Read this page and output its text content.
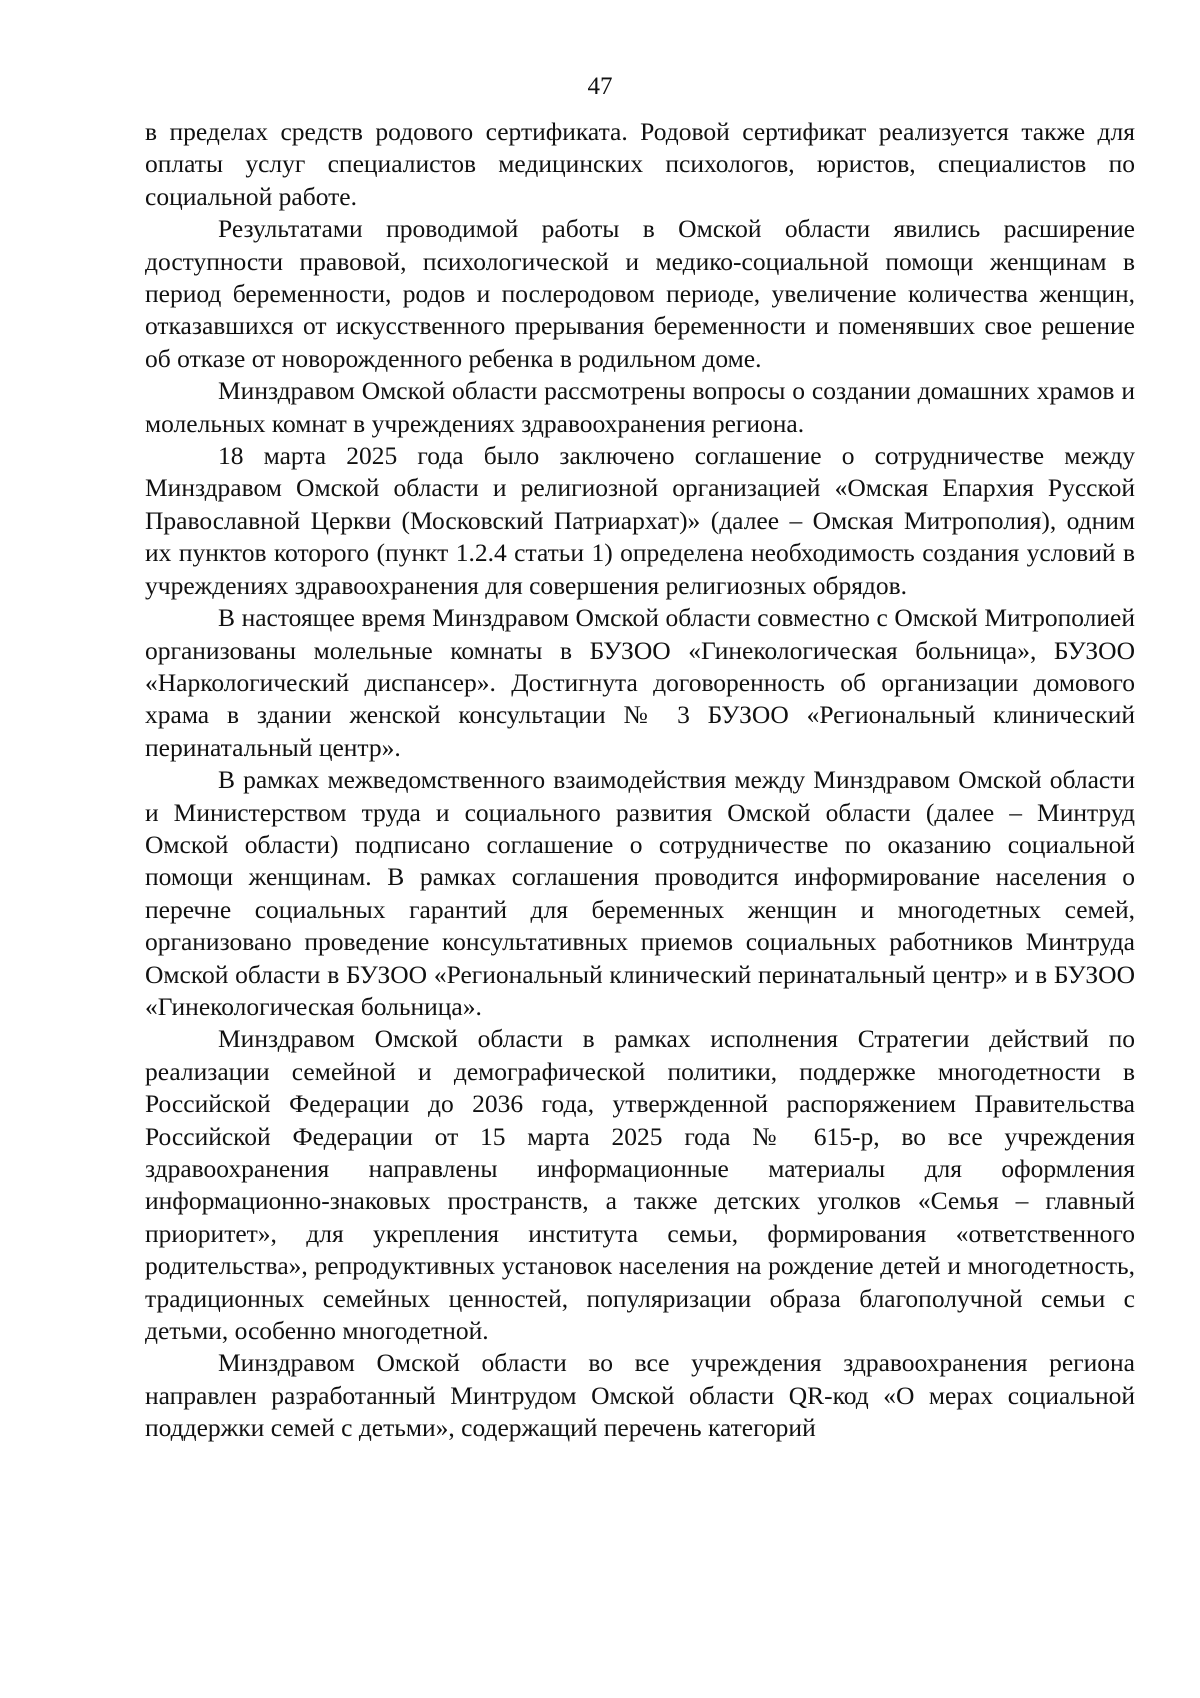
47

в пределах средств родового сертификата. Родовой сертификат реализуется также для оплаты услуг специалистов медицинских психологов, юристов, специалистов по социальной работе.

Результатами проводимой работы в Омской области явились расширение доступности правовой, психологической и медико-социальной помощи женщинам в период беременности, родов и послеродовом периоде, увеличение количества женщин, отказавшихся от искусственного прерывания беременности и поменявших свое решение об отказе от новорожденного ребенка в родильном доме.

Минздравом Омской области рассмотрены вопросы о создании домашних храмов и молельных комнат в учреждениях здравоохранения региона.

18 марта 2025 года было заключено соглашение о сотрудничестве между Минздравом Омской области и религиозной организацией «Омская Епархия Русской Православной Церкви (Московский Патриархат)» (далее – Омская Митрополия), одним их пунктов которого (пункт 1.2.4 статьи 1) определена необходимость создания условий в учреждениях здравоохранения для совершения религиозных обрядов.

В настоящее время Минздравом Омской области совместно с Омской Митрополией организованы молельные комнаты в БУЗОО «Гинекологическая больница», БУЗОО «Наркологический диспансер». Достигнута договоренность об организации домового храма в здании женской консультации № 3 БУЗОО «Региональный клинический перинатальный центр».

В рамках межведомственного взаимодействия между Минздравом Омской области и Министерством труда и социального развития Омской области (далее – Минтруд Омской области) подписано соглашение о сотрудничестве по оказанию социальной помощи женщинам. В рамках соглашения проводится информирование населения о перечне социальных гарантий для беременных женщин и многодетных семей, организовано проведение консультативных приемов социальных работников Минтруда Омской области в БУЗОО «Региональный клинический перинатальный центр» и в БУЗОО «Гинекологическая больница».

Минздравом Омской области в рамках исполнения Стратегии действий по реализации семейной и демографической политики, поддержке многодетности в Российской Федерации до 2036 года, утвержденной распоряжением Правительства Российской Федерации от 15 марта 2025 года № 615-р, во все учреждения здравоохранения направлены информационные материалы для оформления информационно-знаковых пространств, а также детских уголков «Семья – главный приоритет», для укрепления института семьи, формирования «ответственного родительства», репродуктивных установок населения на рождение детей и многодетность, традиционных семейных ценностей, популяризации образа благополучной семьи с детьми, особенно многодетной.

Минздравом Омской области во все учреждения здравоохранения региона направлен разработанный Минтрудом Омской области QR-код «О мерах социальной поддержки семей с детьми», содержащий перечень категорий
